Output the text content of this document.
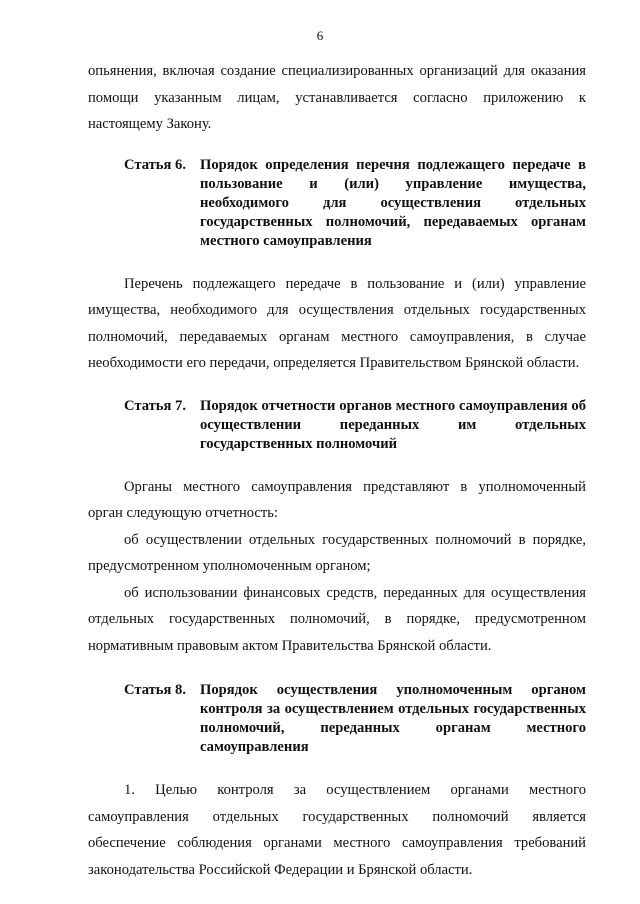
6

опьянения, включая создание специализированных организаций для оказания помощи указанным лицам, устанавливается согласно приложению к настоящему Закону.

Статья 6. Порядок определения перечня подлежащего передаче в пользование и (или) управление имущества, необходимого для осуществления отдельных государственных полномочий, передаваемых органам местного самоуправления

Перечень подлежащего передаче в пользование и (или) управление имущества, необходимого для осуществления отдельных государственных полномочий, передаваемых органам местного самоуправления, в случае необходимости его передачи, определяется Правительством Брянской области.

Статья 7. Порядок отчетности органов местного самоуправления об осуществлении переданных им отдельных государственных полномочий

Органы местного самоуправления представляют в уполномоченный орган следующую отчетность:

об осуществлении отдельных государственных полномочий в порядке, предусмотренном уполномоченным органом;

об использовании финансовых средств, переданных для осуществления отдельных государственных полномочий, в порядке, предусмотренном нормативным правовым актом Правительства Брянской области.

Статья 8. Порядок осуществления уполномоченным органом контроля за осуществлением отдельных государственных полномочий, переданных органам местного самоуправления

1. Целью контроля за осуществлением органами местного самоуправления отдельных государственных полномочий является обеспечение соблюдения органами местного самоуправления требований законодательства Российской Федерации и Брянской области.
